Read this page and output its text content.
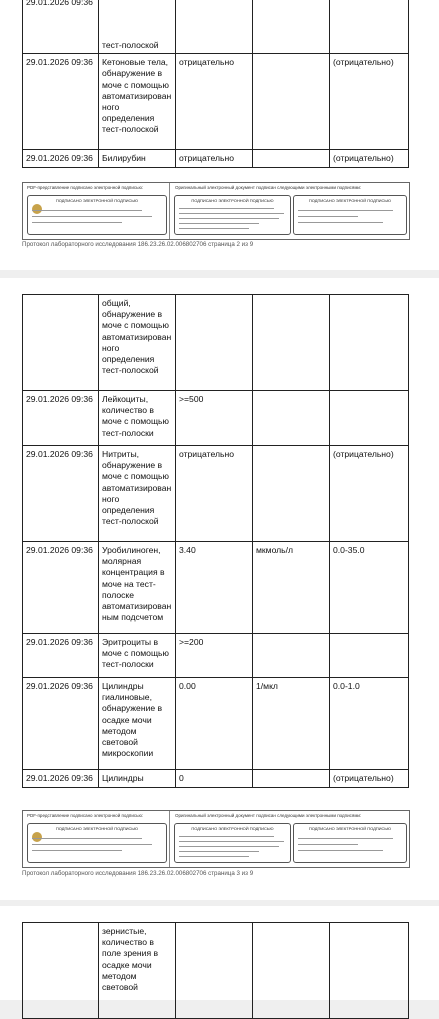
29.01.2026 09:36	тест-полоской			
29.01.2026 09:36	Кетоновые тела, обнаружение в моче с помощью автоматизирован ного определения тест-полоской	отрицательно		(отрицательно)
29.01.2026 09:36	Билирубин	отрицательно		(отрицательно)
PDF-представление подписано электронной подписью:	Оригинальный электронный документ подписан следующими электронными подписями:
ПОДПИСАНО ЭЛЕКТРОННОЙ ПОДПИСЬЮ	ПОДПИСАНО ЭЛЕКТРОННОЙ ПОДПИСЬЮ	ПОДПИСАНО ЭЛЕКТРОННОЙ ПОДПИСЬЮ
Протокол лабораторного исследования 186.23.26.02.006802706 страница 2 из 9
	общий, обнаружение в моче с помощью автоматизирован ного определения тест-полоской			
29.01.2026 09:36	Лейкоциты, количество в моче с помощью тест-полоски	>=500		
29.01.2026 09:36	Нитриты, обнаружение в моче с помощью автоматизирован ного определения тест-полоской	отрицательно		(отрицательно)
29.01.2026 09:36	Уробилиноген, молярная концентрация в моче на тест-полоске автоматизирован ным подсчетом	3.40	мкмоль/л	0.0-35.0
29.01.2026 09:36	Эритроциты в моче с помощью тест-полоски	>=200		
29.01.2026 09:36	Цилиндры гиалиновые, обнаружение в осадке мочи методом световой микроскопии	0.00	1/мкл	0.0-1.0
29.01.2026 09:36	Цилиндры	0		(отрицательно)
PDF-представление подписано электронной подписью:	Оригинальный электронный документ подписан следующими электронными подписями:
ПОДПИСАНО ЭЛЕКТРОННОЙ ПОДПИСЬЮ	ПОДПИСАНО ЭЛЕКТРОННОЙ ПОДПИСЬЮ	ПОДПИСАНО ЭЛЕКТРОННОЙ ПОДПИСЬЮ
Протокол лабораторного исследования 186.23.26.02.006802706 страница 3 из 9
	зернистые, количество в поле зрения в осадке мочи методом световой			
